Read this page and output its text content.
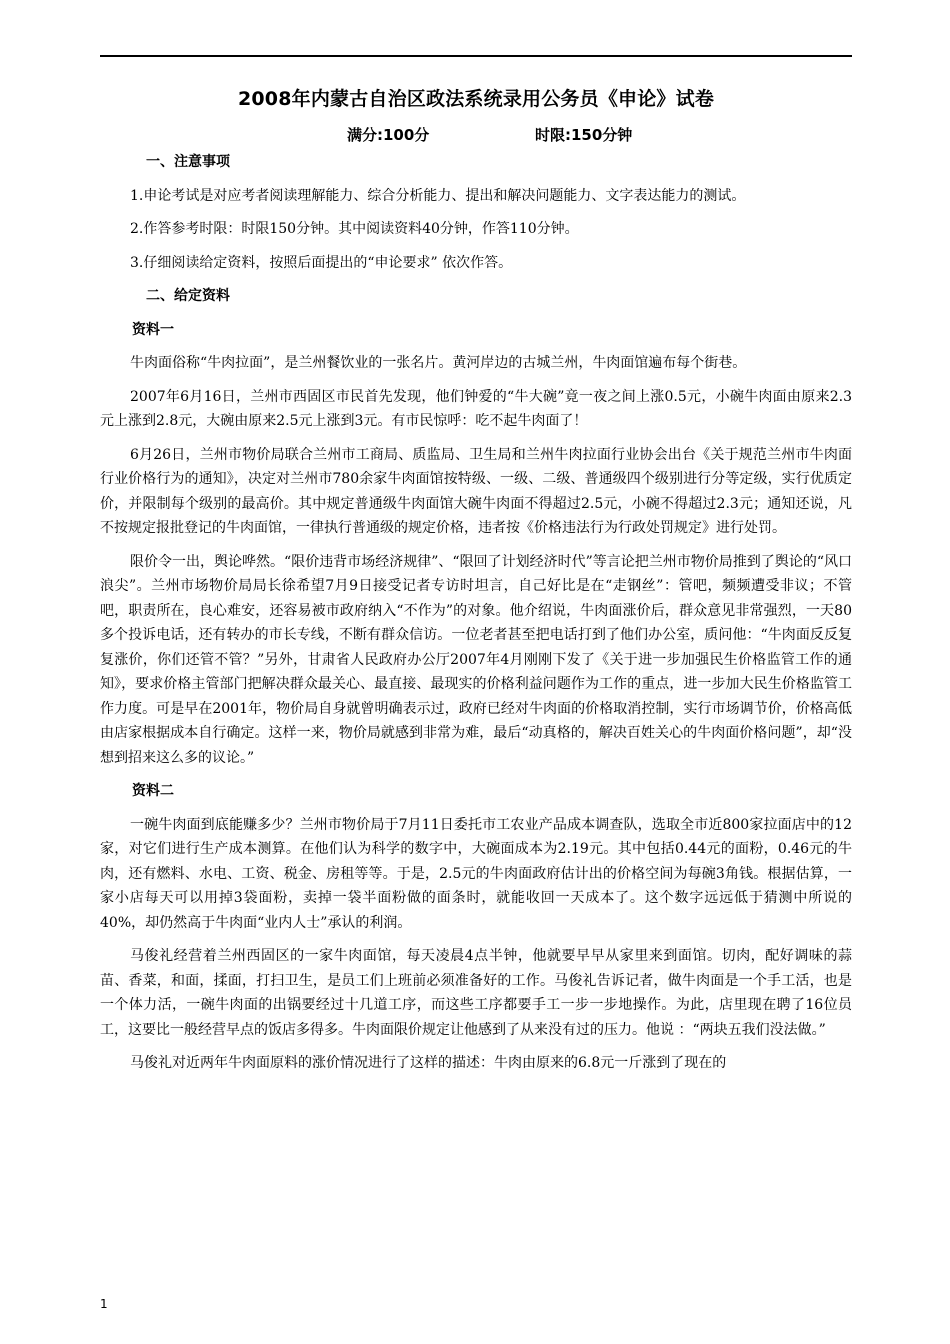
2008年内蒙古自治区政法系统录用公务员《申论》试卷
满分:100分	时限:150分钟
一、注意事项

1.申论考试是对应考者阅读理解能力、综合分析能力、提出和解决问题能力、文字表达能力的测试。

2.作答参考时限：时限150分钟。其中阅读资料40分钟，作答110分钟。

3.仔细阅读给定资料，按照后面提出的“申论要求” 依次作答。

二、给定资料
资料一

牛肉面俗称“牛肉拉面”，是兰州餐饮业的一张名片。黄河岸边的古城兰州，牛肉面馆遍布每个街巷。

2007年6月16日，兰州市西固区市民首先发现，他们钟爱的“牛大碗”竟一夜之间上涨0.5元，小碗牛肉面由原来2.3元上涨到2.8元，大碗由原来2.5元上涨到3元。有市民惊呼：吃不起牛肉面了！

6月26日，兰州市物价局联合兰州市工商局、质监局、卫生局和兰州牛肉拉面行业协会出台《关于规范兰州市牛肉面行业价格行为的通知》，决定对兰州市780余家牛肉面馆按特级、一级、二级、普通级四个级别进行分等定级，实行优质定价，并限制每个级别的最高价。其中规定普通级牛肉面馆大碗牛肉面不得超过2.5元，小碗不得超过2.3元；通知还说，凡不按规定报批登记的牛肉面馆，一律执行普通级的规定价格，违者按《价格违法行为行政处罚规定》进行处罚。

限价令一出，舆论哗然。“限价违背市场经济规律”、“限回了计划经济时代”等言论把兰州市物价局推到了舆论的“风口浪尖”。兰州市场物价局局长徐希望7月9日接受记者专访时坦言，自己好比是在“走钢丝”：管吧，频频遭受非议；不管吧，职责所在，良心难安，还容易被市政府纳入“不作为”的对象。他介绍说，牛肉面涨价后，群众意见非常强烈，一天80多个投诉电话，还有转办的市长专线，不断有群众信访。一位老者甚至把电话打到了他们办公室，质问他：“牛肉面反反复复涨价，你们还管不管？”另外，甘肃省人民政府办公厅2007年4月刚刚下发了《关于进一步加强民生价格监管工作的通知》，要求价格主管部门把解决群众最关心、最直接、最现实的价格利益问题作为工作的重点，进一步加大民生价格监管工作力度。可是早在2001年，物价局自身就曾明确表示过，政府已经对牛肉面的价格取消控制，实行市场调节价，价格高低由店家根据成本自行确定。这样一来，物价局就感到非常为难，最后“动真格的，解决百姓关心的牛肉面价格问题”，却“没想到招来这么多的议论。”

资料二

一碗牛肉面到底能赚多少？兰州市物价局于7月11日委托市工农业产品成本调查队，选取全市近800家拉面店中的12家，对它们进行生产成本测算。在他们认为科学的数字中，大碗面成本为2.19元。其中包括0.44元的面粉，0.46元的牛肉，还有燃料、水电、工资、税金、房租等等。于是，2.5元的牛肉面政府估计出的价格空间为每碗3角钱。根据估算，一家小店每天可以用掉3袋面粉，卖掉一袋半面粉做的面条时，就能收回一天成本了。这个数字远远低于猜测中所说的40%，却仍然高于牛肉面“业内人士”承认的利润。

马俊礼经营着兰州西固区的一家牛肉面馆，每天凌晨4点半钟，他就要早早从家里来到面馆。切肉，配好调味的蒜苗、香菜，和面，揉面，打扫卫生，是员工们上班前必须准备好的工作。马俊礼告诉记者，做牛肉面是一个手工活，也是一个体力活，一碗牛肉面的出锅要经过十几道工序，而这些工序都要手工一步一步地操作。为此，店里现在聘了16位员工，这要比一般经营早点的饭店多得多。牛肉面限价规定让他感到了从来没有过的压力。他说 ：“两块五我们没法做。”

马俊礼对近两年牛肉面原料的涨价情况进行了这样的描述：牛肉由原来的6.8元一斤涨到了现在的

1
